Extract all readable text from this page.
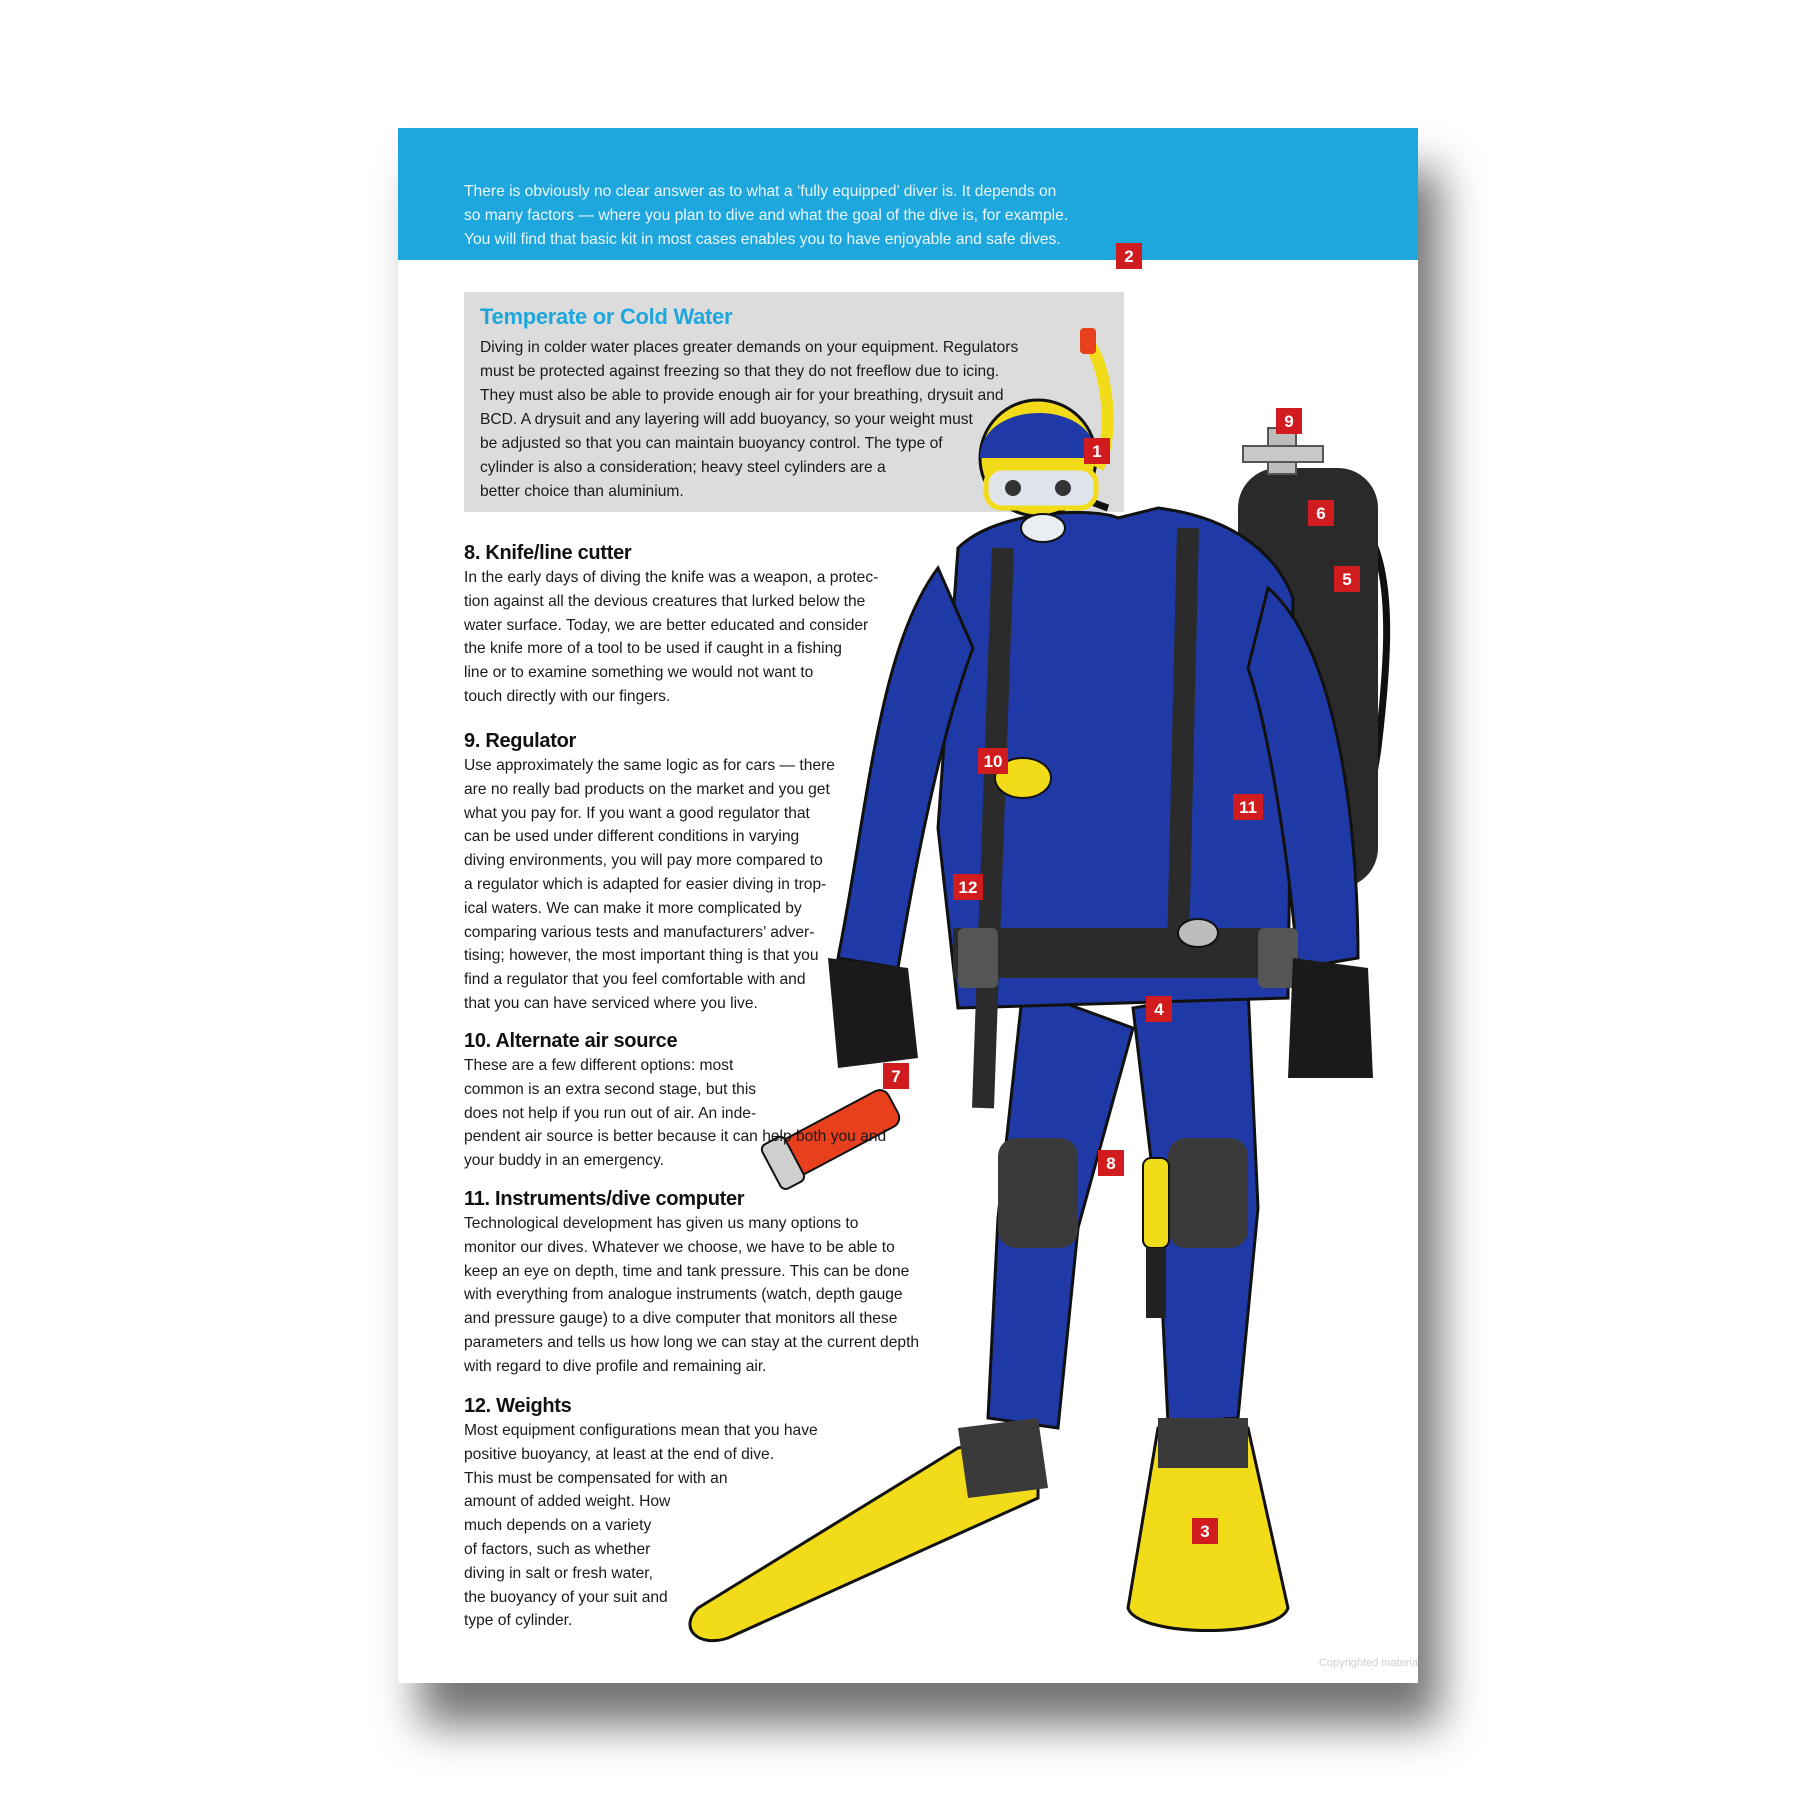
There is obviously no clear answer as to what a ‘fully equipped’ diver is. It depends on
so many factors — where you plan to dive and what the goal of the dive is, for example.
You will find that basic kit in most cases enables you to have enjoyable and safe dives.

Temperate or Cold Water

Diving in colder water places greater demands on your equipment. Regulators
must be protected against freezing so that they do not freeflow due to icing.
They must also be able to provide enough air for your breathing, drysuit and
BCD. A drysuit and any layering will add buoyancy, so your weight must
be adjusted so that you can maintain buoyancy control. The type of
cylinder is also a consideration; heavy steel cylinders are a
better choice than aluminium.

1
2
3
4
5
6
7
8
9
10
11
12
8. Knife/line cutter
In the early days of diving the knife was a weapon, a protec-
tion against all the devious creatures that lurked below the
water surface. Today, we are better educated and consider
the knife more of a tool to be used if caught in a fishing
line or to examine something we would not want to
touch directly with our fingers.
9. Regulator
Use approximately the same logic as for cars — there
are no really bad products on the market and you get
what you pay for. If you want a good regulator that
can be used under different conditions in varying
diving environments, you will pay more compared to
a regulator which is adapted for easier diving in trop-
ical waters. We can make it more complicated by
comparing various tests and manufacturers’ adver-
tising; however, the most important thing is that you
find a regulator that you feel comfortable with and
that you can have serviced where you live.
10. Alternate air source
These are a few different options: most
common is an extra second stage, but this
does not help if you run out of air. An inde-
pendent air source is better because it can help both you and
your buddy in an emergency.
11. Instruments/dive computer
Technological development has given us many options to
monitor our dives. Whatever we choose, we have to be able to
keep an eye on depth, time and tank pressure. This can be done
with everything from analogue instruments (watch, depth gauge
and pressure gauge) to a dive computer that monitors all these
parameters and tells us how long we can stay at the current depth
with regard to dive profile and remaining air.
12. Weights
Most equipment configurations mean that you have
positive buoyancy, at least at the end of dive.
This must be compensated for with an
amount of added weight. How
much depends on a variety
of factors, such as whether
diving in salt or fresh water,
the buoyancy of your suit and
type of cylinder.

Copyrighted materia
